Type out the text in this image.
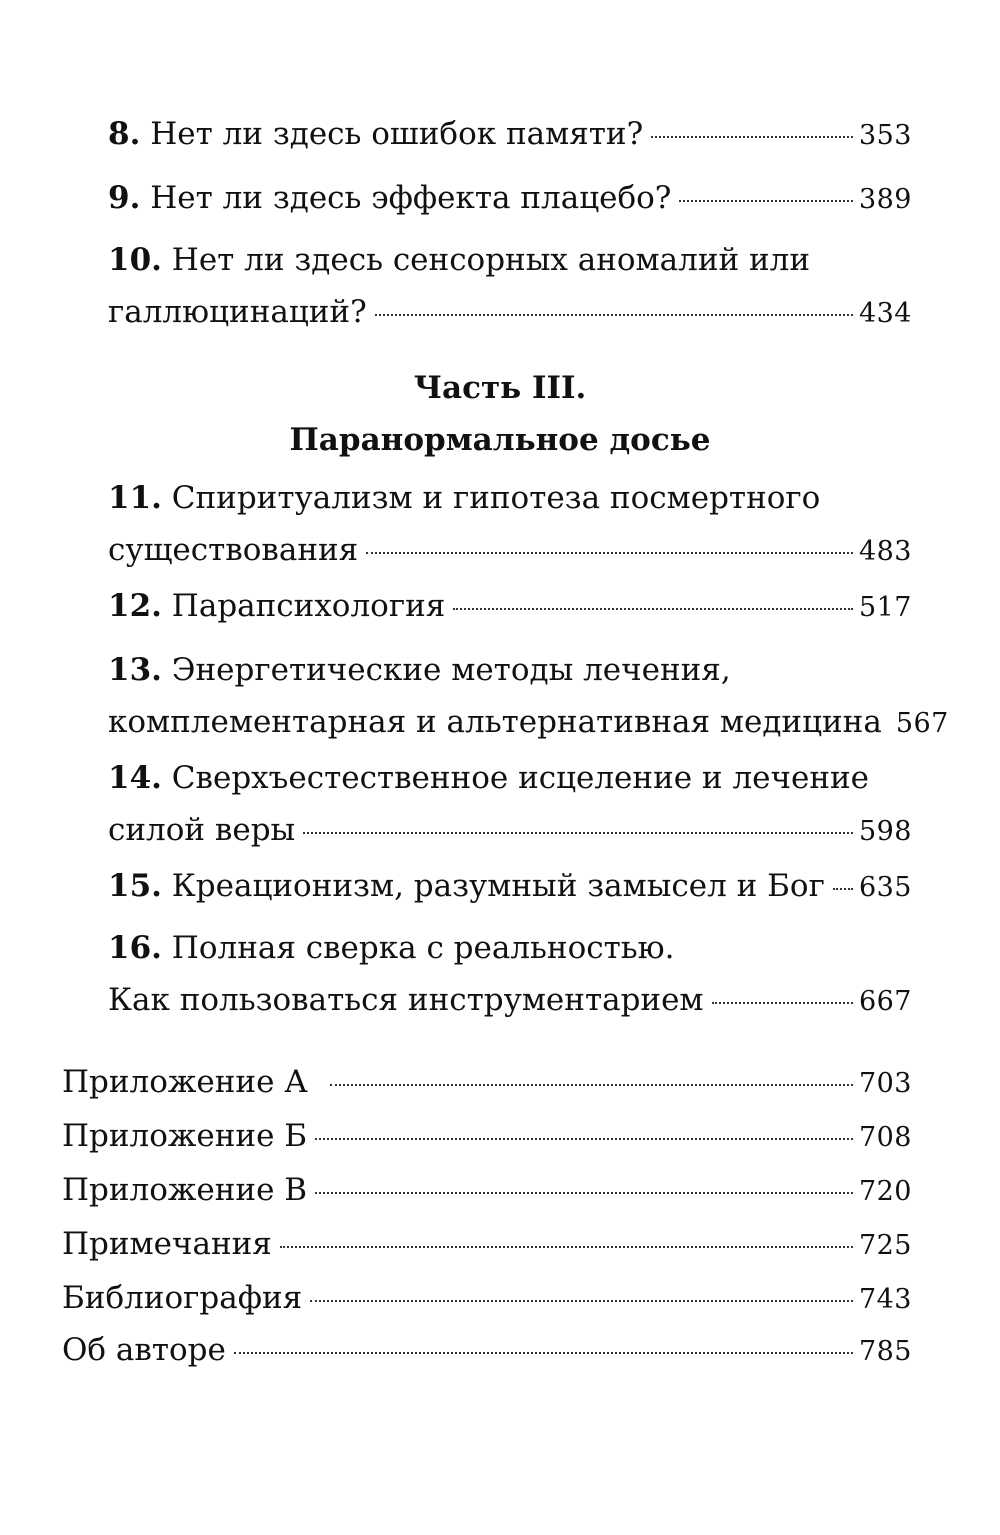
8.
Нет ли здесь ошибок памяти?	353
9.
Нет ли здесь эффекта плацебо?	389
10.
Нет ли здесь сенсорных аномалий или
галлюцинаций?	434
Часть III.
Паранормальное досье
11.
Спиритуализм и гипотеза посмертного
существования	483
12.
Парапсихология	517
13.
Энергетические методы лечения,
комплементарная и альтернативная медицина 567
14.
Сверхъестественное исцеление и лечение
силой веры	598
15.
Креационизм, разумный замысел и Бог 635
16.
Полная сверка с реальностью.
Как пользоваться инструментарием	667
Приложение А	703
Приложение Б	708
Приложение В	720
Примечания	725
Библиография	743
Об авторе	785
